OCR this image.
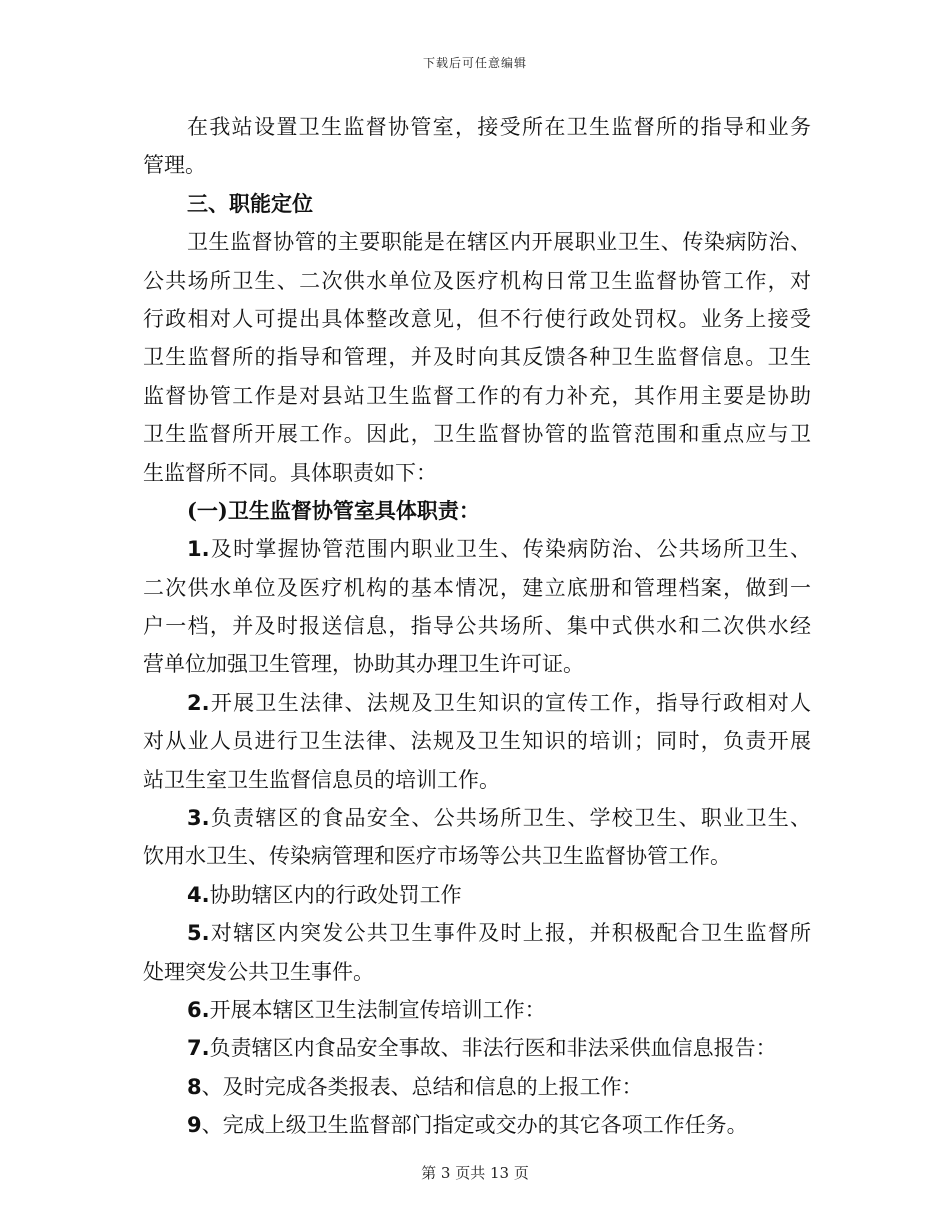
下载后可任意编辑
在我站设置卫生监督协管室，接受所在卫生监督所的指导和业务
管理。
三、职能定位
卫生监督协管的主要职能是在辖区内开展职业卫生、传染病防治、
公共场所卫生、二次供水单位及医疗机构日常卫生监督协管工作，对
行政相对人可提出具体整改意见，但不行使行政处罚权。业务上接受
卫生监督所的指导和管理，并及时向其反馈各种卫生监督信息。卫生
监督协管工作是对县站卫生监督工作的有力补充，其作用主要是协助
卫生监督所开展工作。因此，卫生监督协管的监管范围和重点应与卫
生监督所不同。具体职责如下：
(一)卫生监督协管室具体职责：
1.及时掌握协管范围内职业卫生、传染病防治、公共场所卫生、
二次供水单位及医疗机构的基本情况，建立底册和管理档案，做到一
户一档，并及时报送信息，指导公共场所、集中式供水和二次供水经
营单位加强卫生管理，协助其办理卫生许可证。
2.开展卫生法律、法规及卫生知识的宣传工作，指导行政相对人
对从业人员进行卫生法律、法规及卫生知识的培训；同时，负责开展
站卫生室卫生监督信息员的培训工作。
3.负责辖区的食品安全、公共场所卫生、学校卫生、职业卫生、
饮用水卫生、传染病管理和医疗市场等公共卫生监督协管工作。
4.协助辖区内的行政处罚工作
5.对辖区内突发公共卫生事件及时上报，并积极配合卫生监督所
处理突发公共卫生事件。
6.开展本辖区卫生法制宣传培训工作：
7.负责辖区内食品安全事故、非法行医和非法采供血信息报告：
8、及时完成各类报表、总结和信息的上报工作：
9、完成上级卫生监督部门指定或交办的其它各项工作任务。
第 3 页共 13 页
